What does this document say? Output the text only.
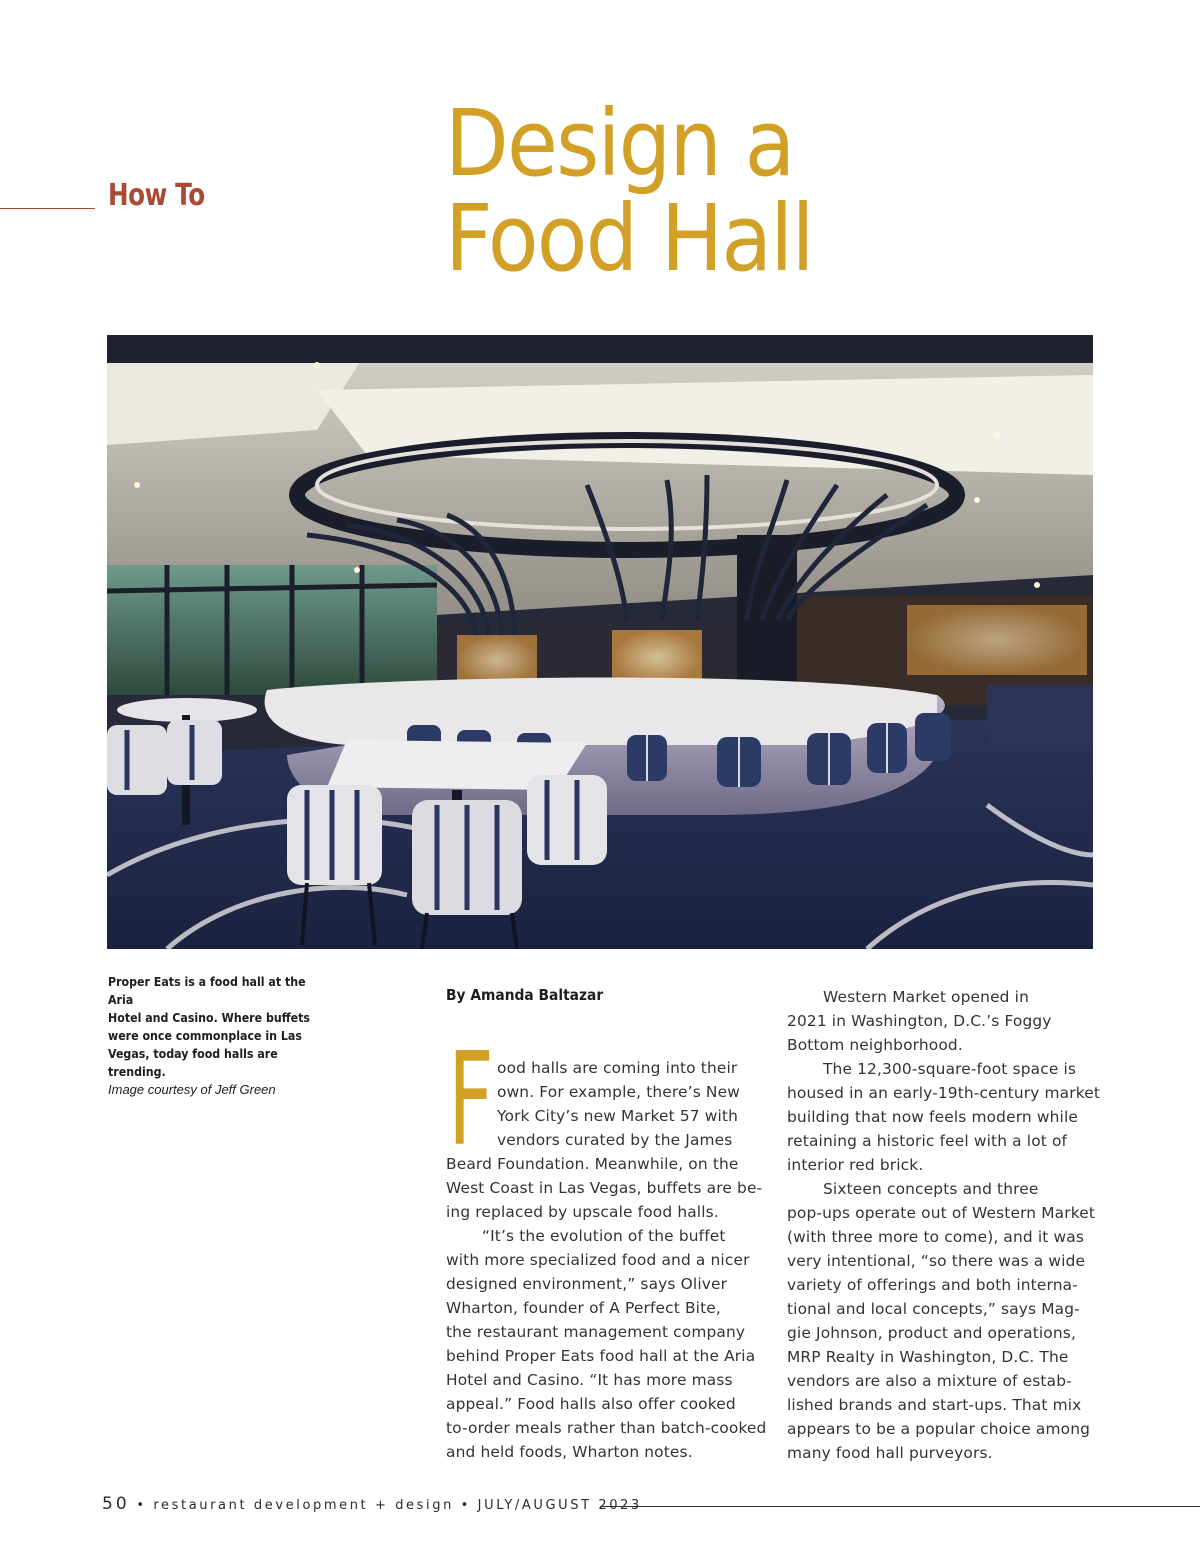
How To	Design a
Food Hall
Proper Eats is a food hall at the Aria
Hotel and Casino. Where buffets
were once commonplace in Las
Vegas, today food halls are trending.
Image courtesy of Jeff Green
By Amanda Baltazar
F ood halls are coming into their
own. For example, there’s New
York City’s new Market 57 with
vendors curated by the James
Beard Foundation. Meanwhile, on the
West Coast in Las Vegas, buffets are be-
ing replaced by upscale food halls.
“It’s the evolution of the buffet
with more specialized food and a nicer
designed environment,” says Oliver
Wharton, founder of A Perfect Bite,
the restaurant management company
behind Proper Eats food hall at the Aria
Hotel and Casino. “It has more mass
appeal.” Food halls also offer cooked
to-order meals rather than batch-cooked
and held foods, Wharton notes.
Western Market opened in
2021 in Washington, D.C.’s Foggy
Bottom neighborhood.
The 12,300-square-foot space is
housed in an early-19th-century market
building that now feels modern while
retaining a historic feel with a lot of
interior red brick.
Sixteen concepts and three
pop-ups operate out of Western Market
(with three more to come), and it was
very intentional, “so there was a wide
variety of offerings and both interna-
tional and local concepts,” says Mag-
gie Johnson, product and operations,
MRP Realty in Washington, D.C. The
vendors are also a mixture of estab-
lished brands and start-ups. That mix
appears to be a popular choice among
many food hall purveyors.
50 • restaurant development + design • JULY/AUGUST 2023
